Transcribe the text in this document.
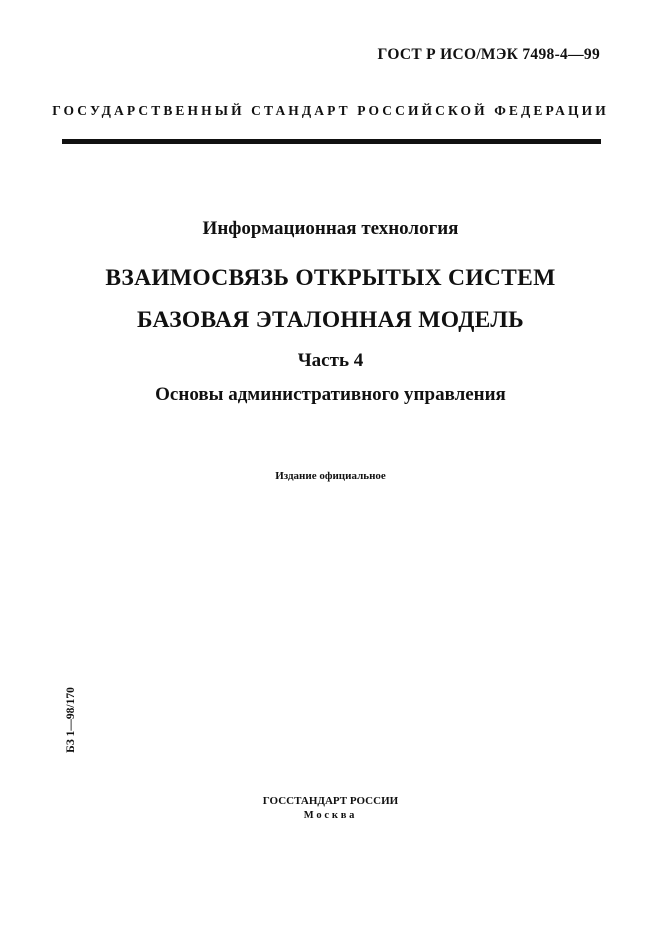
ГОСТ Р ИСО/МЭК 7498-4—99
ГОСУДАРСТВЕННЫЙ СТАНДАРТ РОССИЙСКОЙ ФЕДЕРАЦИИ
Информационная технология
ВЗАИМОСВЯЗЬ ОТКРЫТЫХ СИСТЕМ
БАЗОВАЯ ЭТАЛОННАЯ МОДЕЛЬ
Часть 4
Основы административного управления
Издание официальное
БЗ 1—98/170
ГОССТАНДАРТ РОССИИ
Москва
